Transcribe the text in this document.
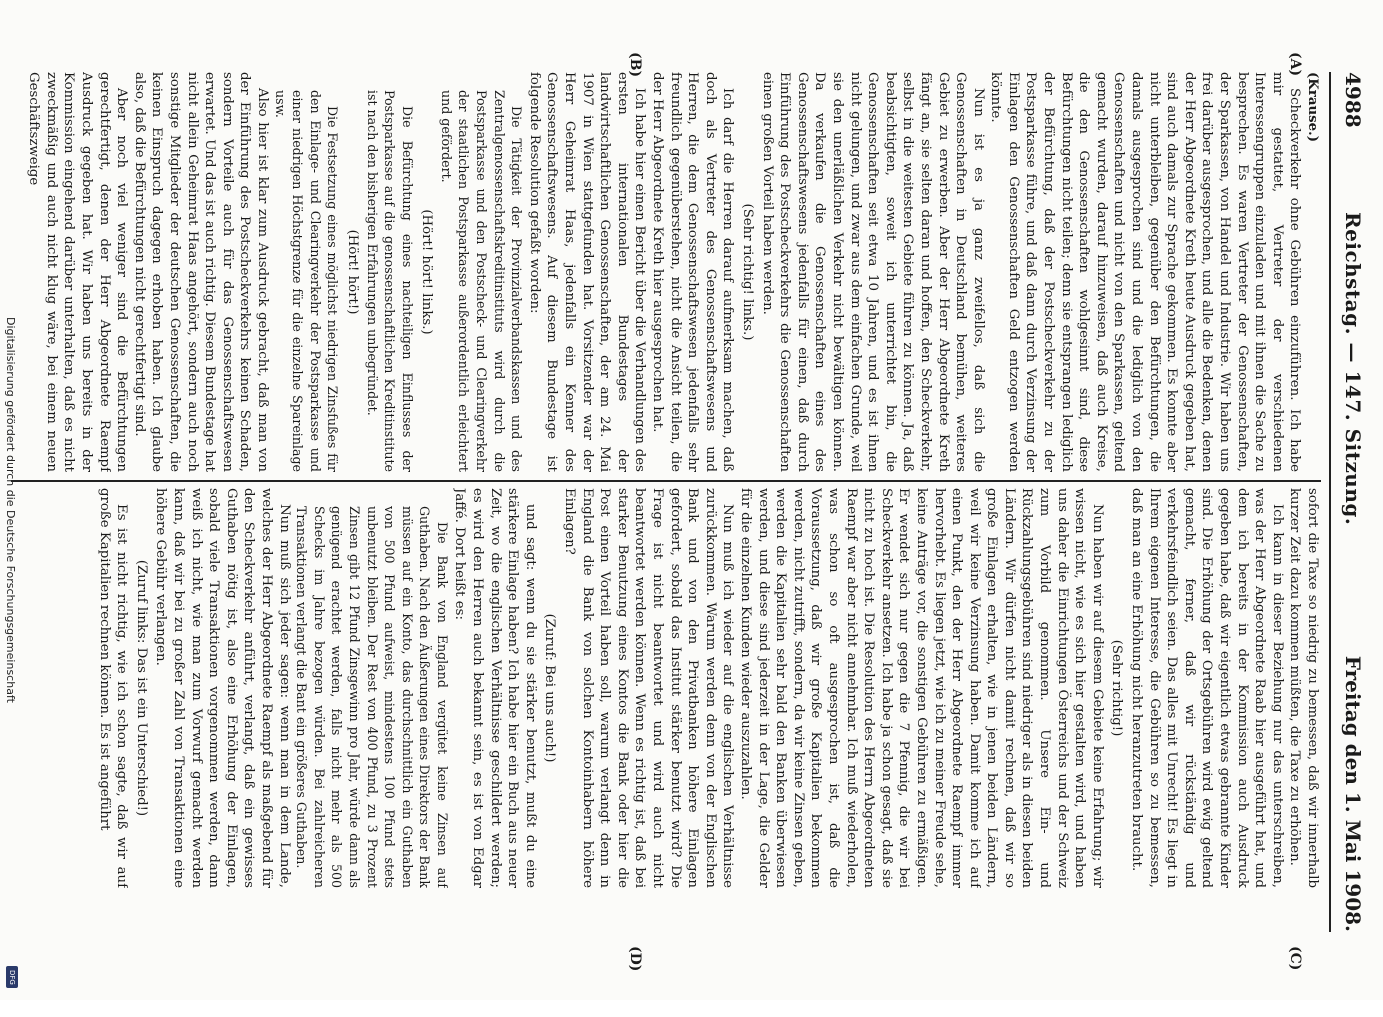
4988
Reichstag. — 147. Sitzung.
Freitag den 1. Mai 1908.
(A)
(B)
(C)
(D)

(Krause.)

Scheckverkehr ohne Gebühren einzuführen. Ich habe mir gestattet, Vertreter der verschiedenen Interessengruppen einzuladen und mit ihnen die Sache zu besprechen. Es waren Vertreter der Genossenschaften, der Sparkassen, von Handel und Industrie. Wir haben uns frei darüber ausgesprochen, und alle die Bedenken, denen der Herr Abgeordnete Kreth heute Ausdruck gegeben hat, sind auch damals zur Sprache gekommen. Es konnte aber nicht unterbleiben, gegenüber den Befürchtungen, die damals ausgesprochen sind und die lediglich von den Genossenschaften und nicht von den Sparkassen, geltend gemacht wurden, darauf hinzuweisen, daß auch Kreise, die den Genossenschaften wohlgesinnt sind, diese Befürchtungen nicht teilen; denn sie entsprangen lediglich der Befürchtung, daß der Postscheckverkehr zu der Postsparkasse führe, und daß dann durch Verzinsung der Einlagen den Genossenschaften Geld entzogen werden könnte.

Nun ist es ja ganz zweifellos, daß sich die Genossenschaften in Deutschland bemühen, weiteres Gebiet zu erwerben. Aber der Herr Abgeordnete Kreth fängt an, sie selten daran und hoffen, den Scheckverkehr, selbst in die weitesten Gebiete führen zu können. Ja, daß beabsichtigten, soweit ich unterrichtet bin, die Genossenschaften seit etwa 10 Jahren, und es ist ihnen nicht gelungen, und zwar aus dem einfachen Grunde, weil sie den unerläßlichen Verkehr nicht bewältigen können. Da verkaufen die Genossenschaften eines des Genossenschaftswesens jedenfalls für einen, daß durch Einführung des Postscheckverkehrs die Genossenschaften einen großen Vorteil haben werden.

(Sehr richtig! links.)

Ich darf die Herren darauf aufmerksam machen, daß doch als Vertreter des Genossenschaftswesens und Herren, die dem Genossenschaftswesen jedenfalls sehr freundlich gegenüberstehen, nicht die Ansicht teilen, die der Herr Abgeordnete Kreth hier ausgesprochen hat.

Ich habe hier einen Bericht über die Verhandlungen des ersten internationalen Bundestages der landwirtschaftlichen Genossenschaften, der am 24. Mai 1907 in Wien stattgefunden hat. Vorsitzender war der Herr Geheimrat Haas, jedenfalls ein Kenner des Genossenschaftswesens. Auf diesem Bundestage ist folgende Resolution gefaßt worden:

Die Tätigkeit der Provinzialverbandskassen und des Zentralgenossenschaftskreditinstituts wird durch die Postsparkasse und den Postscheck- und Clearingverkehr der staatlichen Postsparkasse außerordentlich erleichtert und gefördert.

(Hört! hört! links.)

Die Befürchtung eines nachteiligen Einflusses der Postsparkasse auf die genossenschaftlichen Kreditinstitute ist nach den bisherigen Erfahrungen unbegründet.

(Hört! hört!)

Die Festsetzung eines möglichst niedrigen Zinsfußes für den Einlage- und Clearingverkehr der Postsparkasse und einer niedrigen Höchstgrenze für die einzelne Spareinlage usw.

Also hier ist klar zum Ausdruck gebracht, daß man von der Einführung des Postscheckverkehrs keinen Schaden, sondern Vorteile auch für das Genossenschaftswesen erwartet. Und das ist auch richtig. Diesem Bundestage hat nicht allein Geheimrat Haas angehört, sondern auch noch sonstige Mitglieder der deutschen Genossenschaften, die keinen Einspruch dagegen erhoben haben. Ich glaube also, daß die Befürchtungen nicht gerechtfertigt sind.

Aber noch viel weniger sind die Befürchtungen gerechtfertigt, denen der Herr Abgeordnete Raempf Ausdruck gegeben hat. Wir haben uns bereits in der Kommission eingehend darüber unterhalten, daß es nicht zweckmäßig und auch nicht klug wäre, bei einem neuen Geschäftszweige

sofort die Taxe so niedrig zu bemessen, daß wir innerhalb kurzer Zeit dazu kommen müßten, die Taxe zu erhöhen.

Ich kann in dieser Beziehung nur das unterschreiben, was der Herr Abgeordnete Raab hier ausgeführt hat, und dem ich bereits in der Kommission auch Ausdruck gegeben habe, daß wir eigentlich etwas gebrannte Kinder sind. Die Erhöhung der Ortsgebühren wird ewig geltend gemacht, ferner, daß wir rückständig und verkehrsfeindlich seien. Das alles mit Unrecht! Es liegt in Ihrem eigenen Interesse, die Gebühren so zu bemessen, daß man an eine Erhöhung nicht heranzutreten braucht.

(Sehr richtig!)

Nun haben wir auf diesem Gebiete keine Erfahrung; wir wissen nicht, wie es sich hier gestalten wird, und haben uns daher die Einrichtungen Österreichs und der Schweiz zum Vorbild genommen. Unsere Ein- und Rückzahlungsgebühren sind niedriger als in diesen beiden Ländern. Wir dürfen nicht damit rechnen, daß wir so große Einlagen erhalten, wie in jenen beiden Ländern, weil wir keine Verzinsung haben. Damit komme ich auf einen Punkt, den der Herr Abgeordnete Raempf immer hervorhebt. Es liegen jetzt, wie ich zu meiner Freude sehe, keine Anträge vor, die sonstigen Gebühren zu ermäßigen. Er wendet sich nur gegen die 7 Pfennig, die wir bei Scheckverkehr ansetzen. Ich habe ja schon gesagt, daß sie nicht zu hoch ist. Die Resolution des Herrn Abgeordneten Raempf war aber nicht annehmbar. Ich muß wiederholen, was schon so oft ausgesprochen ist, daß die Voraussetzung, daß wir große Kapitalien bekommen werden, nicht zutrifft, sondern, da wir keine Zinsen geben, werden die Kapitalien sehr bald den Banken überwiesen werden, und diese sind jederzeit in der Lage, die Gelder für die einzelnen Kunden wieder auszuzahlen.

Nun muß ich wieder auf die englischen Verhältnisse zurückkommen. Warum werden denn von der Englischen Bank und von den Privatbanken höhere Einlagen gefordert, sobald das Institut stärker benutzt wird? Die Frage ist nicht beantwortet und wird auch nicht beantwortet werden können. Wenn es richtig ist, daß bei starker Benutzung eines Kontos die Bank oder hier die Post einen Vorteil haben soll, warum verlangt denn in England die Bank von solchen Kontoinhabern höhere Einlagen?

(Zuruf: Bei uns auch!)

und sagt: wenn du sie stärker benutzt, mußt du eine stärkere Einlage haben? Ich habe hier ein Buch aus neuer Zeit, wo die englischen Verhältnisse geschildert werden; es wird den Herren auch bekannt sein, es ist von Edgar Jaffé. Dort heißt es:

Die Bank von England vergütet keine Zinsen auf Guthaben. Nach den Äußerungen eines Direktors der Bank müssen auf ein Konto, das durchschnittlich ein Guthaben von 500 Pfund aufweist, mindestens 100 Pfund stets unbenutzt bleiben. Der Rest von 400 Pfund, zu 3 Prozent Zinsen gibt 12 Pfund Zinsgewinn pro Jahr, würde dann als genügend erachtet werden, falls nicht mehr als 500 Schecks im Jahre bezogen würden. Bei zahlreicheren Transaktionen verlangt die Bant ein größeres Guthaben.

Nun muß sich jeder sagen: wenn man in dem Lande, welches der Herr Abgeordnete Raempf als maßgebend für den Scheckverkehr anführt, verlangt, daß ein gewisses Guthaben nötig ist, also eine Erhöhung der Einlagen, sobald viele Transaktionen vorgenommen werden, dann weiß ich nicht, wie man zum Vorwurf gemacht werden kann, daß wir bei zu großer Zahl von Transaktionen eine höhere Gebühr verlangen.

(Zuruf links: Das ist ein Unterschied!)

Es ist nicht richtig, wie ich schon sagte, daß wir auf große Kapitalien rechnen können. Es ist angeführt

Digitalisierung gefördert durch die Deutsche Forschungsgemeinschaft
DFG
